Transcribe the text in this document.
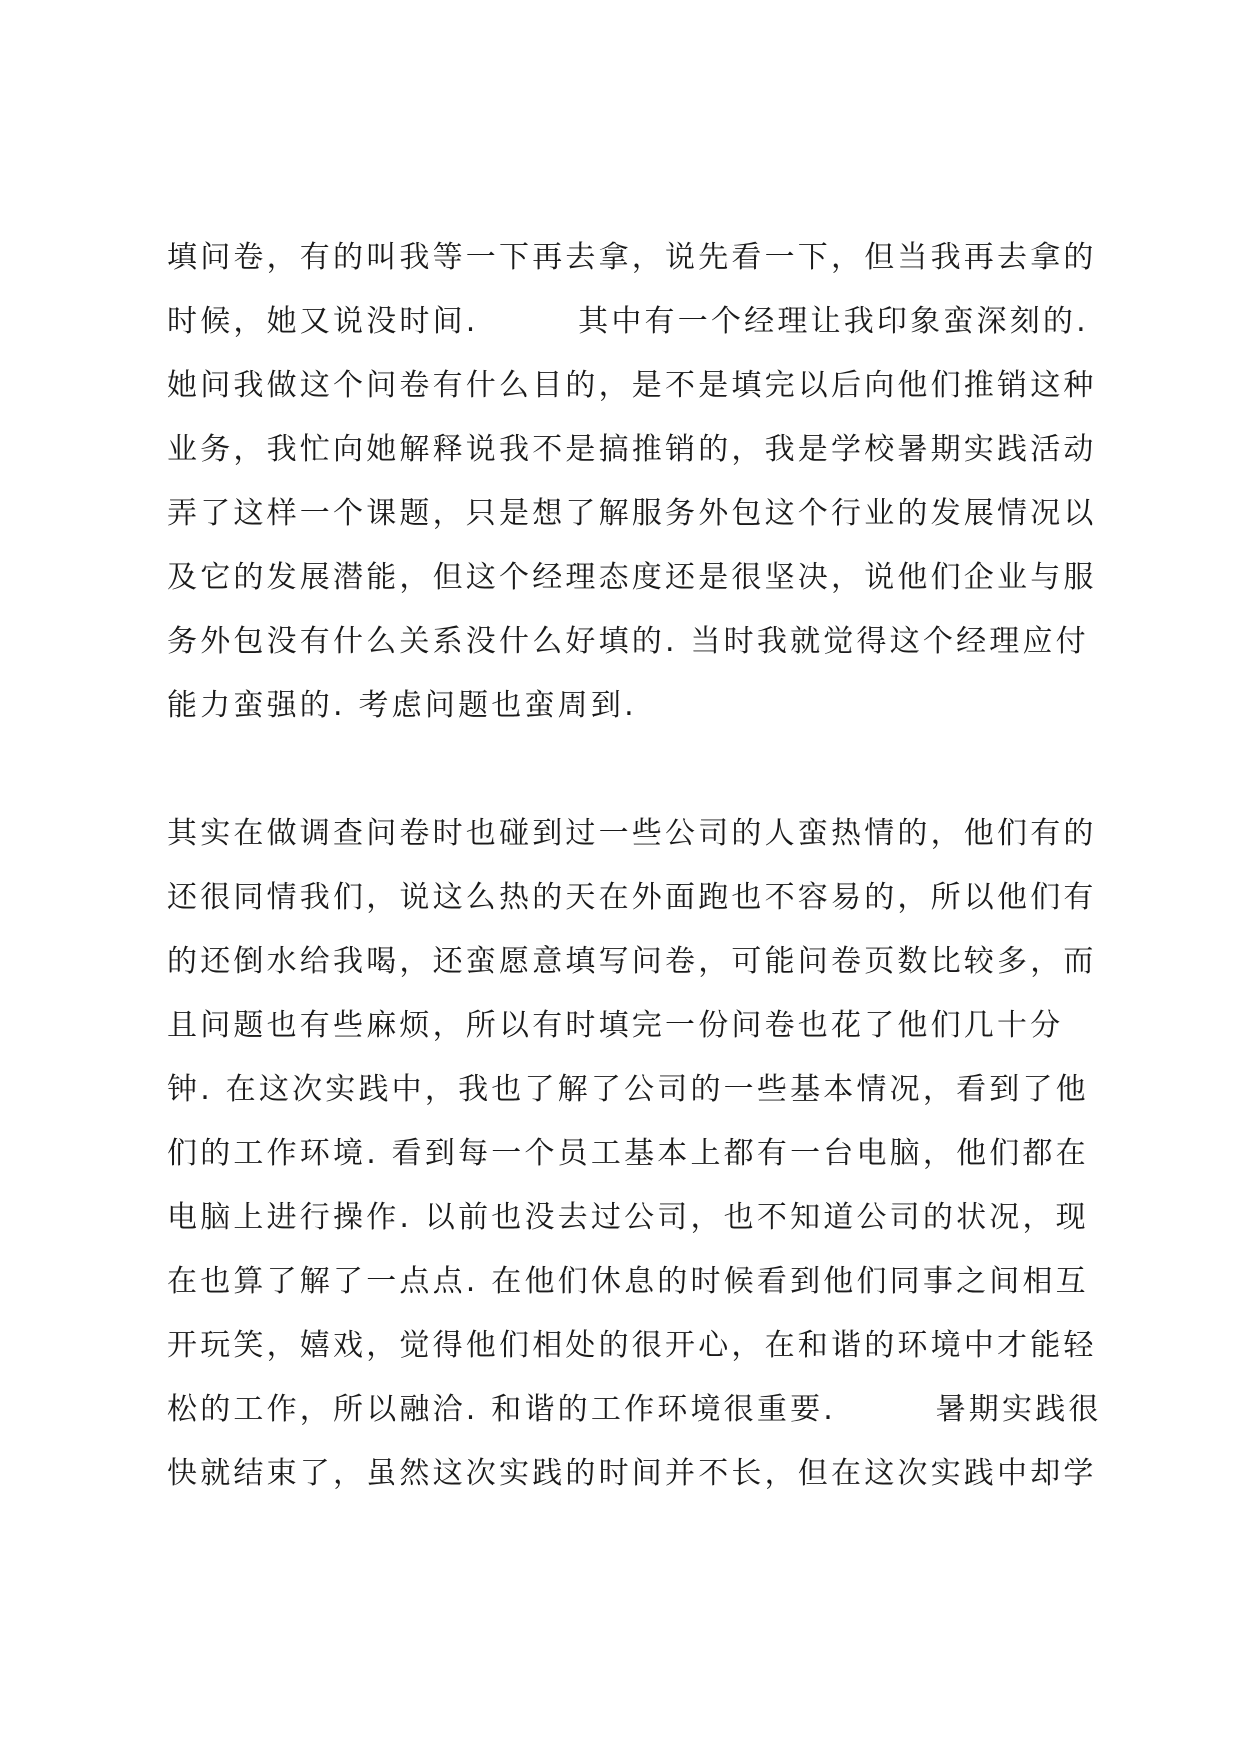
填问卷，有的叫我等一下再去拿，说先看一下，但当我再去拿的
时候，她又说没时间.　　　其中有一个经理让我印象蛮深刻的.
她问我做这个问卷有什么目的，是不是填完以后向他们推销这种
业务，我忙向她解释说我不是搞推销的，我是学校暑期实践活动
弄了这样一个课题，只是想了解服务外包这个行业的发展情况以
及它的发展潜能，但这个经理态度还是很坚决，说他们企业与服
务外包没有什么关系没什么好填的. 当时我就觉得这个经理应付
能力蛮强的. 考虑问题也蛮周到.
其实在做调查问卷时也碰到过一些公司的人蛮热情的，他们有的
还很同情我们，说这么热的天在外面跑也不容易的，所以他们有
的还倒水给我喝，还蛮愿意填写问卷，可能问卷页数比较多，而
且问题也有些麻烦，所以有时填完一份问卷也花了他们几十分
钟. 在这次实践中，我也了解了公司的一些基本情况，看到了他
们的工作环境. 看到每一个员工基本上都有一台电脑，他们都在
电脑上进行操作. 以前也没去过公司，也不知道公司的状况，现
在也算了解了一点点. 在他们休息的时候看到他们同事之间相互
开玩笑，嬉戏，觉得他们相处的很开心，在和谐的环境中才能轻
松的工作，所以融洽. 和谐的工作环境很重要.　　　暑期实践很
快就结束了，虽然这次实践的时间并不长，但在这次实践中却学
